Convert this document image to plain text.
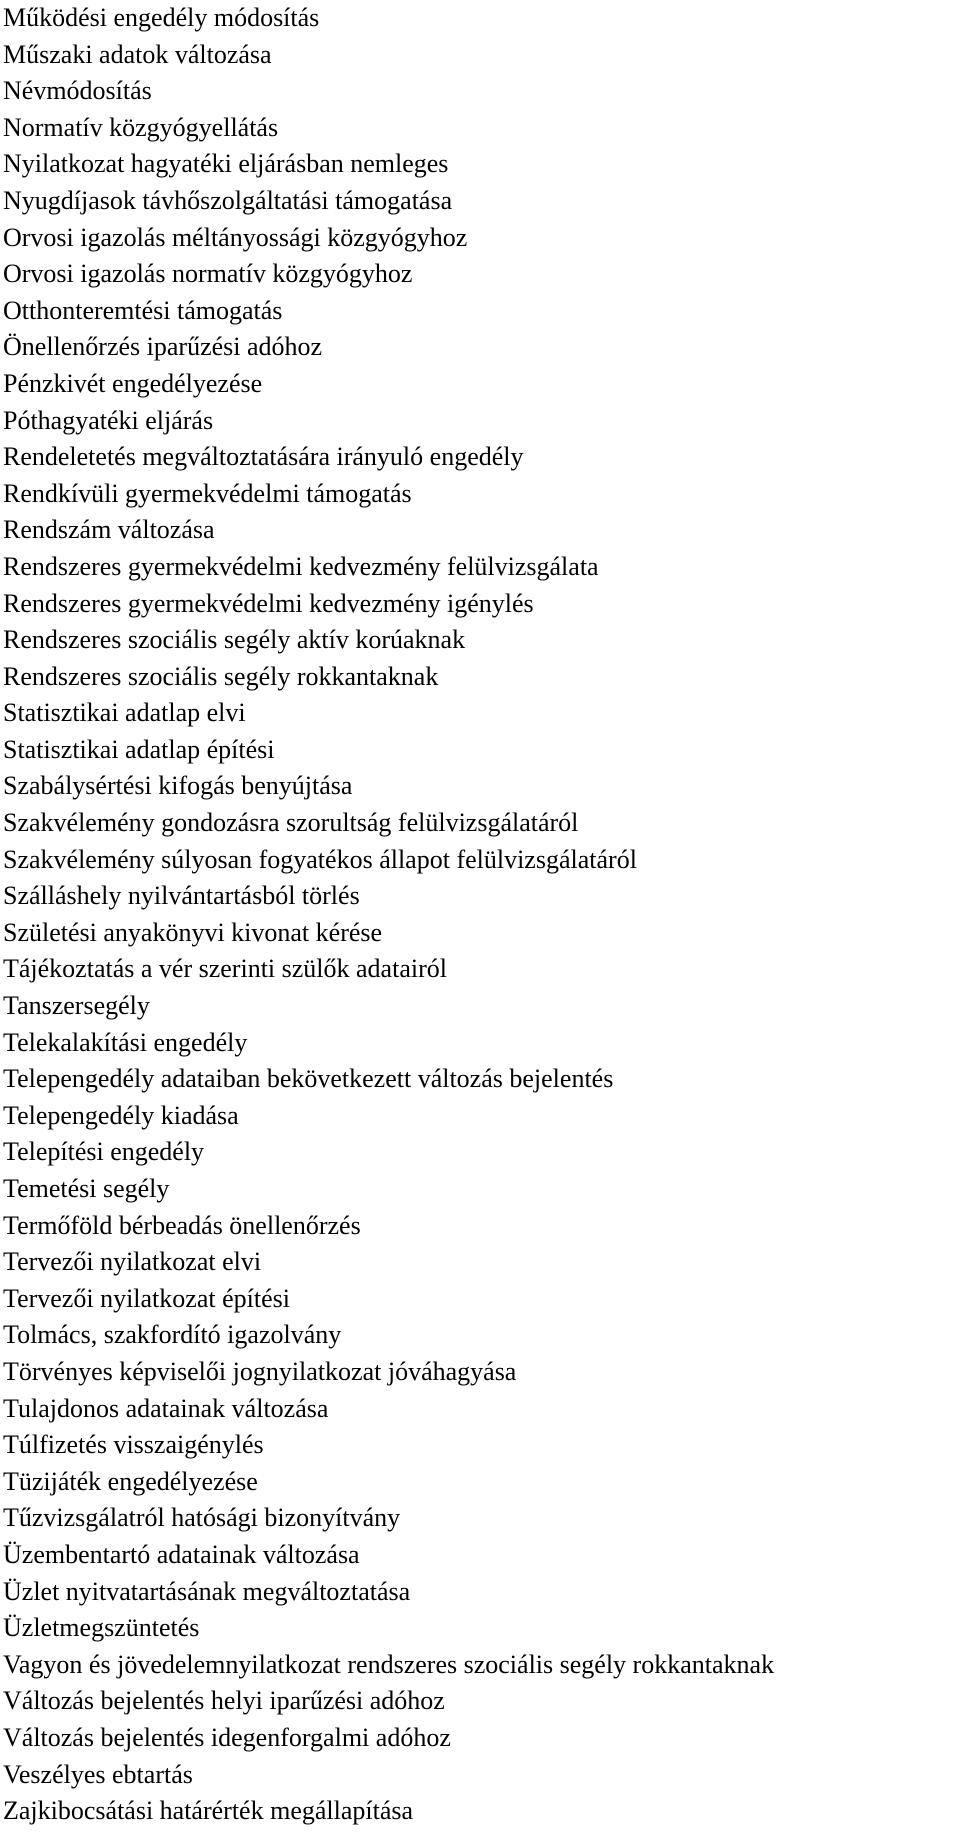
Működési engedély módosítás
Műszaki adatok változása
Névmódosítás
Normatív közgyógyellátás
Nyilatkozat hagyatéki eljárásban nemleges
Nyugdíjasok távhőszolgáltatási támogatása
Orvosi igazolás méltányossági közgyógyhoz
Orvosi igazolás normatív közgyógyhoz
Otthonteremtési támogatás
Önellenőrzés iparűzési adóhoz
Pénzkivét engedélyezése
Póthagyatéki eljárás
Rendeletetés megváltoztatására irányuló engedély
Rendkívüli gyermekvédelmi támogatás
Rendszám változása
Rendszeres gyermekvédelmi kedvezmény felülvizsgálata
Rendszeres gyermekvédelmi kedvezmény igénylés
Rendszeres szociális segély aktív korúaknak
Rendszeres szociális segély rokkantaknak
Statisztikai adatlap elvi
Statisztikai adatlap építési
Szabálysértési kifogás benyújtása
Szakvélemény gondozásra szorultság felülvizsgálatáról
Szakvélemény súlyosan fogyatékos állapot felülvizsgálatáról
Szálláshely nyilvántartásból törlés
Születési anyakönyvi kivonat kérése
Tájékoztatás a vér szerinti szülők adatairól
Tanszersegély
Telekalakítási engedély
Telepengedély adataiban bekövetkezett változás bejelentés
Telepengedély kiadása
Telepítési engedély
Temetési segély
Termőföld bérbeadás önellenőrzés
Tervezői nyilatkozat elvi
Tervezői nyilatkozat építési
Tolmács, szakfordító igazolvány
Törvényes képviselői jognyilatkozat jóváhagyása
Tulajdonos adatainak változása
Túlfizetés visszaigénylés
Tüzijáték engedélyezése
Tűzvizsgálatról hatósági bizonyítvány
Üzembentartó adatainak változása
Üzlet nyitvatartásának megváltoztatása
Üzletmegszüntetés
Vagyon és jövedelemnyilatkozat rendszeres szociális segély rokkantaknak
Változás bejelentés helyi iparűzési adóhoz
Változás bejelentés idegenforgalmi adóhoz
Veszélyes ebtartás
Zajkibocsátási határérték megállapítása
